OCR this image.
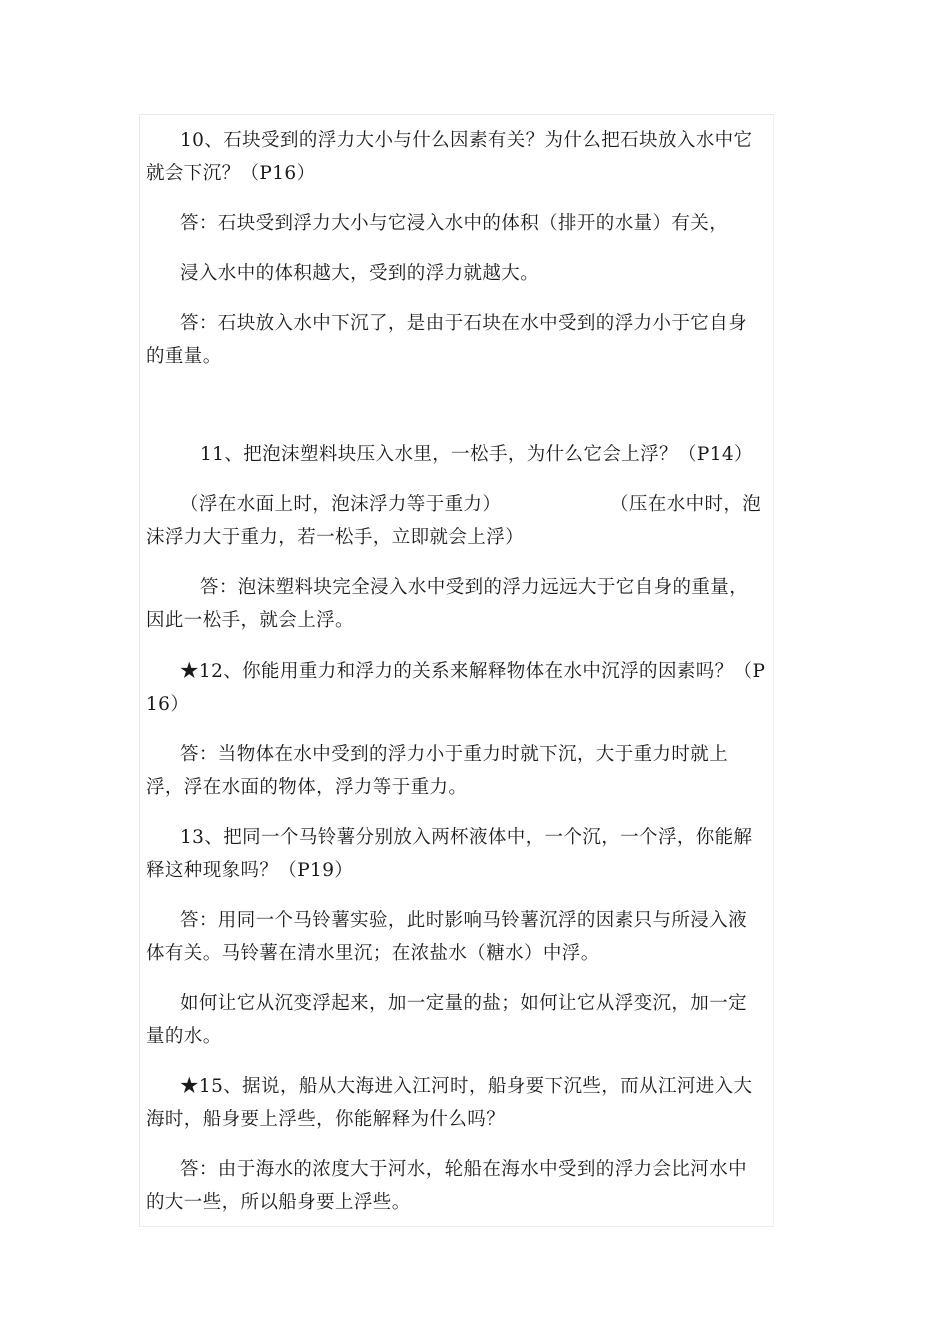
10、石块受到的浮力大小与什么因素有关？为什么把石块放入水中它
就会下沉？（P16）
答：石块受到浮力大小与它浸入水中的体积（排开的水量）有关，
浸入水中的体积越大，受到的浮力就越大。
答：石块放入水中下沉了，是由于石块在水中受到的浮力小于它自身
的重量。
11、把泡沫塑料块压入水里，一松手，为什么它会上浮？（P14）
（浮在水面上时，泡沫浮力等于重力）	（压在水中时，泡
沫浮力大于重力，若一松手，立即就会上浮）
答：泡沫塑料块完全浸入水中受到的浮力远远大于它自身的重量，
因此一松手，就会上浮。
★12、你能用重力和浮力的关系来解释物体在水中沉浮的因素吗？（P
16）
答：当物体在水中受到的浮力小于重力时就下沉，大于重力时就上
浮，浮在水面的物体，浮力等于重力。
13、把同一个马铃薯分别放入两杯液体中，一个沉，一个浮，你能解
释这种现象吗？（P19）
答：用同一个马铃薯实验，此时影响马铃薯沉浮的因素只与所浸入液
体有关。马铃薯在清水里沉；在浓盐水（糖水）中浮。
如何让它从沉变浮起来，加一定量的盐；如何让它从浮变沉，加一定
量的水。
★15、据说，船从大海进入江河时，船身要下沉些，而从江河进入大
海时，船身要上浮些，你能解释为什么吗？
答：由于海水的浓度大于河水，轮船在海水中受到的浮力会比河水中
的大一些，所以船身要上浮些。
